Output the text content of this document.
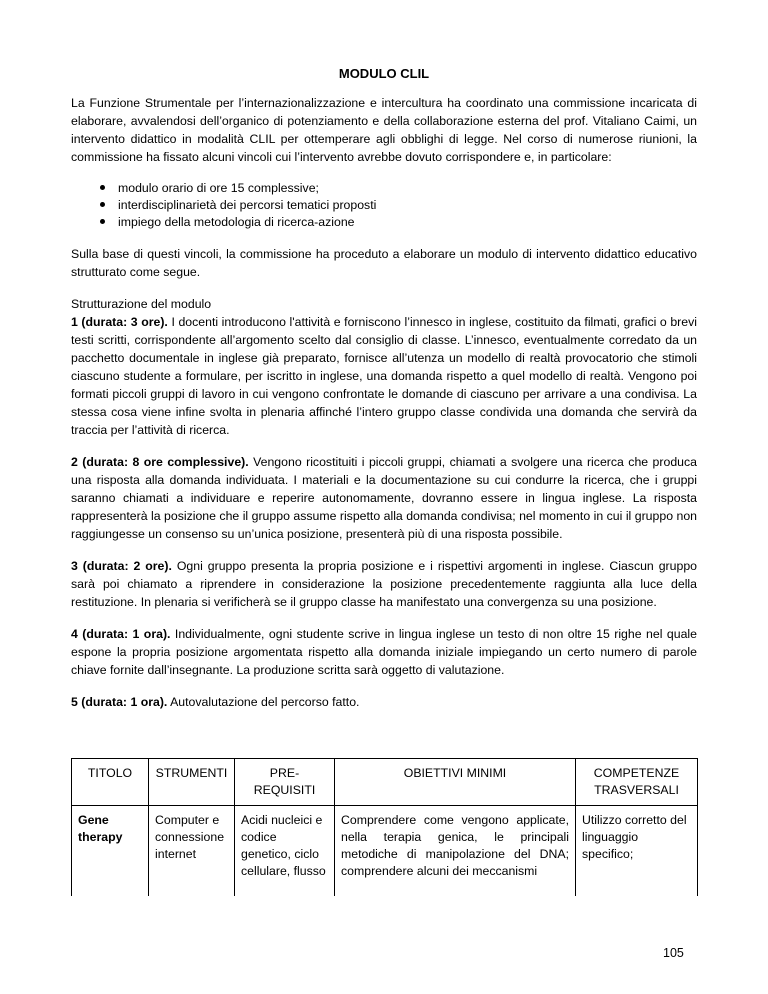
MODULO CLIL

La Funzione Strumentale per l’internazionalizzazione e intercultura ha coordinato una commissione incaricata di elaborare, avvalendosi dell’organico di potenziamento e della collaborazione esterna del prof. Vitaliano Caimi, un intervento didattico in modalità CLIL per ottemperare agli obblighi di legge. Nel corso di numerose riunioni, la commissione ha fissato alcuni vincoli cui l’intervento avrebbe dovuto corrispondere e, in particolare:

modulo orario di ore 15 complessive;
interdisciplinarietà dei percorsi tematici proposti
impiego della metodologia di ricerca-azione

Sulla base di questi vincoli, la commissione ha proceduto a elaborare un modulo di intervento didattico educativo strutturato come segue.

Strutturazione del modulo

1 (durata: 3 ore). I docenti introducono l'attività e forniscono l’innesco in inglese, costituito da filmati, grafici o brevi testi scritti, corrispondente all’argomento scelto dal consiglio di classe. L’innesco, eventualmente corredato da un pacchetto documentale in inglese già preparato, fornisce all’utenza un modello di realtà provocatorio che stimoli ciascuno studente a formulare, per iscritto in inglese, una domanda rispetto a quel modello di realtà. Vengono poi formati piccoli gruppi di lavoro in cui vengono confrontate le domande di ciascuno per arrivare a una condivisa. La stessa cosa viene infine svolta in plenaria affinché l’intero gruppo classe condivida una domanda che servirà da traccia per l’attività di ricerca.

2 (durata: 8 ore complessive). Vengono ricostituiti i piccoli gruppi, chiamati a svolgere una ricerca che produca una risposta alla domanda individuata. I materiali e la documentazione su cui condurre la ricerca, che i gruppi saranno chiamati a individuare e reperire autonomamente, dovranno essere in lingua inglese. La risposta rappresenterà la posizione che il gruppo assume rispetto alla domanda condivisa; nel momento in cui il gruppo non raggiungesse un consenso su un’unica posizione, presenterà più di una risposta possibile.

3 (durata: 2 ore). Ogni gruppo presenta la propria posizione e i rispettivi argomenti in inglese. Ciascun gruppo sarà poi chiamato a riprendere in considerazione la posizione precedentemente raggiunta alla luce della restituzione. In plenaria si verificherà se il gruppo classe ha manifestato una convergenza su una posizione.

4 (durata: 1 ora). Individualmente, ogni studente scrive in lingua inglese un testo di non oltre 15 righe nel quale espone la propria posizione argomentata rispetto alla domanda iniziale impiegando un certo numero di parole chiave fornite dall’insegnante. La produzione scritta sarà oggetto di valutazione.

5 (durata: 1 ora). Autovalutazione del percorso fatto.

TITOLO	STRUMENTI	PRE-REQUISITI	OBIETTIVI MINIMI	COMPETENZE TRASVERSALI
Gene therapy	Computer e connessione internet	Acidi nucleici e codice genetico, ciclo cellulare, flusso	Comprendere come vengono applicate, nella terapia genica, le principali metodiche di manipolazione del DNA; comprendere alcuni dei meccanismi	Utilizzo corretto del linguaggio specifico;
105
